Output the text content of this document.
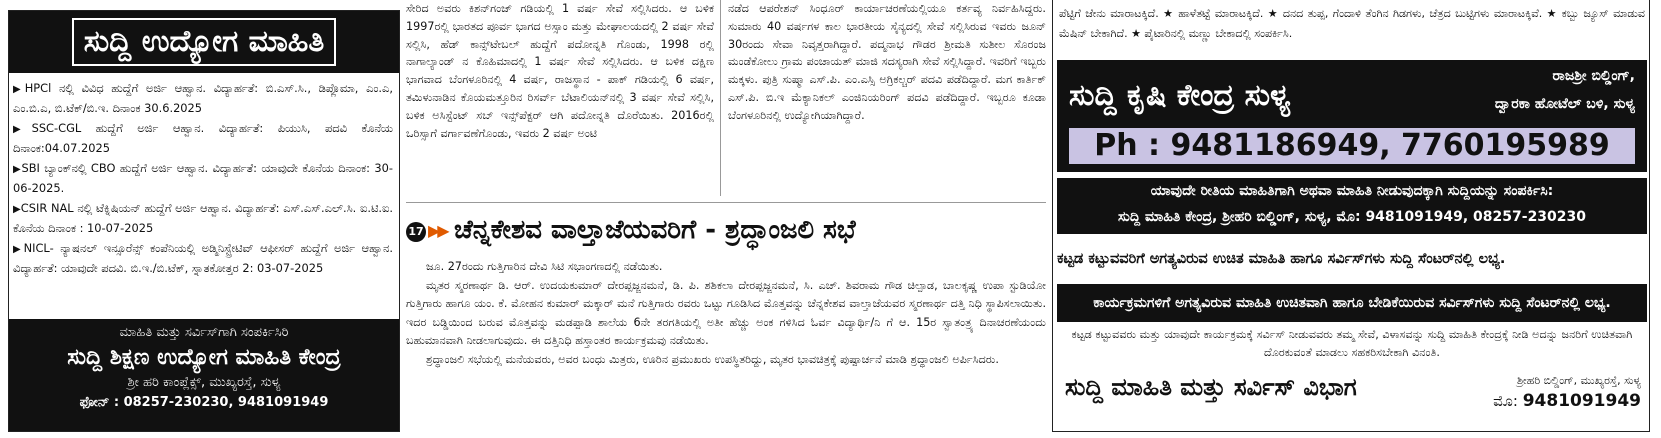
ಸುದ್ದಿ ಉದ್ಯೋಗ ಮಾಹಿತಿ
▶HPCl ನಲ್ಲಿ ವಿವಿಧ ಹುದ್ದೆಗೆ ಅರ್ಜಿ ಆಹ್ವಾನ. ವಿದ್ಯಾರ್ಹತೆ: ಬಿ.ಎಸ್.ಸಿ., ಡಿಪ್ಲೊಮಾ, ಎಂ.ಎ, ಎಂ.ಬಿ.ಎ, ಬಿ.ಟೆಕ್/ಬಿ.ಇ. ದಿನಾಂಕ 30.6.2025
▶SSC-CGL ಹುದ್ದೆಗೆ ಅರ್ಜಿ ಆಹ್ವಾನ. ವಿದ್ಯಾರ್ಹತೆ: ಪಿಯುಸಿ, ಪದವಿ ಕೊನೆಯ ದಿನಾಂಕ:04.07.2025
▶SBI ಬ್ಯಾಂಕ್‌ನಲ್ಲಿ CBO ಹುದ್ದೆಗೆ ಅರ್ಜಿ ಆಹ್ವಾನ. ವಿದ್ಯಾರ್ಹತೆ: ಯಾವುದೇ ಕೊನೆಯ ದಿನಾಂಕ: 30-06-2025.
▶CSIR NAL ನಲ್ಲಿ ಟೆಕ್ನಿಷಿಯನ್ ಹುದ್ದೆಗೆ ಅರ್ಜಿ ಆಹ್ವಾನ. ವಿದ್ಯಾರ್ಹತೆ: ಎಸ್.ಎಸ್.ಎಲ್.ಸಿ. ಐ.ಟಿ.ಐ. ಕೊನೆಯ ದಿನಾಂಕ : 10-07-2025
▶NICL- ನ್ಯಾಷನಲ್ ಇನ್ಸೂರೆನ್ಸ್ ಕಂಪೆನಿಯಲ್ಲಿ ಅಡ್ಮಿನಿಸ್ಟ್ರೇಟಿವ್ ಆಫೀಸರ್ ಹುದ್ದೆಗೆ ಅರ್ಜಿ ಆಹ್ವಾನ. ವಿದ್ಯಾರ್ಹತೆ: ಯಾವುದೇ ಪದವಿ. ಬಿ.ಇ./ಬಿ.ಟೆಕ್, ಸ್ನಾತಕೋತ್ತರ 2: 03-07-2025
ಮಾಹಿತಿ ಮತ್ತು ಸರ್ವಿಸ್‌ಗಾಗಿ ಸಂಪರ್ಕಿಸಿರಿ
ಸುದ್ದಿ ಶಿಕ್ಷಣ ಉದ್ಯೋಗ ಮಾಹಿತಿ ಕೇಂದ್ರ
ಶ್ರೀ ಹರಿ ಕಾಂಪ್ಲೆಕ್ಸ್, ಮುಖ್ಯರಸ್ತೆ, ಸುಳ್ಯ
ಫೋನ್ : 08257-230230, 9481091949
ಸೇರಿದ ಅವರು ಕಿಶನ್‌ಗಂಜ್ ಗಡಿಯಲ್ಲಿ 1 ವರ್ಷ ಸೇವೆ ಸಲ್ಲಿಸಿದರು. ಆ ಬಳಿಕ 1997ರಲ್ಲಿ ಭಾರತದ ಪೂರ್ವ ಭಾಗದ ಅಸ್ಸಾಂ ಮತ್ತು ಮೇಘಾಲಯದಲ್ಲಿ 2 ವರ್ಷ ಸೇವೆ ಸಲ್ಲಿಸಿ, ಹೆಡ್ ಕಾನ್ಸ್‌ಟೇಬಲ್ ಹುದ್ದೆಗೆ ಪದೋನ್ನತಿ ಗೊಂಡು, 1998 ರಲ್ಲಿ ನಾಗಾಲ್ಯಾಂಡ್ ನ ಕೊಹಿಮಾದಲ್ಲಿ 1 ವರ್ಷ ಸೇವೆ ಸಲ್ಲಿಸಿದರು. ಆ ಬಳಿಕ ದಕ್ಷಿಣ ಭಾಗವಾದ ಬೆಂಗಳೂರಿನಲ್ಲಿ 4 ವರ್ಷ, ರಾಜಸ್ಥಾನ - ಪಾಕ್ ಗಡಿಯಲ್ಲಿ 6 ವರ್ಷ, ತಮಿಳುನಾಡಿನ ಕೊಯಮತ್ತೂರಿನ ರಿಸರ್ವ್ ಬೆಟಾಲಿಯನ್‌ನಲ್ಲಿ 3 ವರ್ಷ ಸೇವೆ ಸಲ್ಲಿಸಿ, ಬಳಿಕ ಅಸಿಸ್ಟೆಂಟ್ ಸಬ್ ಇನ್ಸ್‌ಪೆಕ್ಟರ್ ಆಗಿ ಪದೋನ್ನತಿ ದೊರೆಯಿತು. 2016ರಲ್ಲಿ ಒರಿಸ್ಸಾಗೆ ವರ್ಗಾವಣೆಗೊಂಡು, ಇವರು 2 ವರ್ಷ ಅಂಟಿ
ನಡೆದ ಆಪರೇಶನ್ ಸಿಂಧೂರ್ ಕಾರ್ಯಾಚರಣೆಯಲ್ಲಿಯೂ ಕರ್ತವ್ಯ ನಿರ್ವಹಿಸಿದ್ದರು. ಸುಮಾರು 40 ವರ್ಷಗಳ ಕಾಲ ಭಾರತೀಯ ಸೈನ್ಯದಲ್ಲಿ ಸೇವೆ ಸಲ್ಲಿಸಿರುವ ಇವರು ಜೂನ್ 30ರಂದು ಸೇವಾ ನಿವೃತ್ತರಾಗಿದ್ದಾರೆ. ಪದ್ಮನಾಭ ಗೌಡರ ಶ್ರೀಮತಿ ಸುಶೀಲ ಸೊರಂಜ ಮಂಡೆಕೋಲು ಗ್ರಾಮ ಪಂಚಾಯತ್ ಮಾಜಿ ಸದಸ್ಯರಾಗಿ ಸೇವೆ ಸಲ್ಲಿಸಿದ್ದಾರೆ. ಇವರಿಗೆ ಇಬ್ಬರು ಮಕ್ಕಳು. ಪುತ್ರಿ ಸುಷ್ಮಾ ಎಸ್.ಪಿ. ಎಂ.ಎಸ್ಸಿ ಅಗ್ರಿಕಲ್ಚರ್ ಪದವಿ ಪಡೆದಿದ್ದಾರೆ. ಮಗ ಕಾರ್ತಿಕ್ ಎಸ್.ಪಿ. ಬಿ.ಇ ಮೆಕ್ಯಾನಿಕಲ್ ಎಂಜಿನಿಯರಿಂಗ್ ಪದವಿ ಪಡೆದಿದ್ದಾರೆ. ಇಬ್ಬರೂ ಕೂಡಾ ಬೆಂಗಳೂರಿನಲ್ಲಿ ಉದ್ಯೋಗಿಯಾಗಿದ್ದಾರೆ.
17 ▶▶ ಚೆನ್ನಕೇಶವ ವಾಲ್ತಾಜೆಯವರಿಗೆ - ಶ್ರದ್ಧಾಂಜಲಿ ಸಭೆ

ಜೂ. 27ರಂದು ಗುತ್ತಿಗಾರಿನ ದೇವಿ ಸಿಟಿ ಸಭಾಂಗಣದಲ್ಲಿ ನಡೆಯಿತು.

ಮೃತರ ಸ್ಮರಣಾರ್ಥ ಡಿ. ಆರ್. ಉದಯಕುಮಾರ್ ದೇರಪ್ಪಜ್ಜನಮನೆ, ಡಿ. ಪಿ. ಶಶಿಕಲಾ ದೇರಪ್ಪಜ್ಜನಮನೆ, ಸಿ. ಎಚ್. ಶಿವರಾಮ ಗೌಡ ಚಿಲ್ಪಾಡ, ಬಾಲಕೃಷ್ಣ ಉಪಾ ಸ್ಟುಡಿಯೋ ಗುತ್ತಿಗಾರು ಹಾಗೂ ಯಂ. ಕೆ. ಮೋಹನ ಕುಮಾರ್ ಮಕ್ಕಾರ್ ಮನೆ ಗುತ್ತಿಗಾರು ರವರು ಒಟ್ಟು ಗೂಡಿಸಿದ ಮೊತ್ತವನ್ನು ಚೆನ್ನಕೇಶವ ವಾಲ್ತಾಜೆಯವರ ಸ್ಮರಣಾರ್ಥ ದತ್ತಿ ನಿಧಿ ಸ್ಥಾಪಿಸಲಾಯಿತು. ಇದರ ಬಡ್ಡಿಯಿಂದ ಬರುವ ಮೊತ್ತವನ್ನು ಮಡಪ್ಪಾಡಿ ಶಾಲೆಯ 6ನೇ ತರಗತಿಯಲ್ಲಿ ಅತೀ ಹೆಚ್ಚು ಅಂಕ ಗಳಿಸಿದ ಓರ್ವ ವಿದ್ಯಾರ್ಥಿ/ನಿ ಗೆ ಆ. 15ರ ಸ್ವಾತಂತ್ರ್ಯ ದಿನಾಚರಣೆಯಂದು ಬಹುಮಾನವಾಗಿ ನೀಡಲಾಗುವುದು. ಈ ದತ್ತಿನಿಧಿ ಹಸ್ತಾಂತರ ಕಾರ್ಯಕ್ರಮವು ನಡೆಯಿತು.

ಶ್ರದ್ಧಾಂಜಲಿ ಸಭೆಯಲ್ಲಿ ಮನೆಯವರು, ಅವರ ಬಂಧು ಮಿತ್ರರು, ಊರಿನ ಪ್ರಮುಖರು ಉಪಸ್ಥಿತರಿದ್ದು, ಮೃತರ ಭಾವಚಿತ್ರಕ್ಕೆ ಪುಷ್ಪಾರ್ಚನೆ ಮಾಡಿ ಶ್ರದ್ಧಾಂಜಲಿ ಅರ್ಪಿಸಿದರು.

ಪೆಟ್ಟಿಗೆ ಜೇನು ಮಾರಾಟಕ್ಕಿದೆ. ★ ಹಾಳೆತಟ್ಟೆ ಮಾರಾಟಕ್ಕಿದೆ. ★ ದನದ ತುಪ್ಪ, ಗೆಂದಾಳಿ ತೆಂಗಿನ ಗಿಡಗಳು, ಚೆತ್ರದ ಬುಟ್ಟಿಗಳು ಮಾರಾಟಕ್ಕಿವೆ. ★ ಕಬ್ಬು ಜ್ಯೂಸ್ ಮಾಡುವ ಮೆಷಿನ್ ಬೇಕಾಗಿದೆ. ★ ಪೈಟಾರಿನಲ್ಲಿ ಮಣ್ಣು ಬೇಕಾದಲ್ಲಿ ಸಂಪರ್ಕಿಸಿ.
ಸುದ್ದಿ ಕೃಷಿ ಕೇಂದ್ರ ಸುಳ್ಯ
ರಾಜಶ್ರೀ ಬಿಲ್ಡಿಂಗ್,
ದ್ವಾರಕಾ ಹೋಟೆಲ್ ಬಳಿ, ಸುಳ್ಯ
Ph : 9481186949, 7760195989
ಯಾವುದೇ ರೀತಿಯ ಮಾಹಿತಿಗಾಗಿ ಅಥವಾ ಮಾಹಿತಿ ನೀಡುವುದಕ್ಕಾಗಿ ಸುದ್ದಿಯನ್ನು ಸಂಪರ್ಕಿಸಿ:
ಸುದ್ದಿ ಮಾಹಿತಿ ಕೇಂದ್ರ, ಶ್ರೀಹರಿ ಬಿಲ್ಡಿಂಗ್, ಸುಳ್ಯ, ಮೊ: 9481091949, 08257-230230
ಕಟ್ಟಡ ಕಟ್ಟುವವರಿಗೆ ಅಗತ್ಯವಿರುವ ಉಚಿತ ಮಾಹಿತಿ ಹಾಗೂ ಸರ್ವಿಸ್‌ಗಳು ಸುದ್ದಿ ಸೆಂಟರ್‌ನಲ್ಲಿ ಲಭ್ಯ.
ಕಾರ್ಯಕ್ರಮಗಳಿಗೆ ಅಗತ್ಯವಿರುವ ಮಾಹಿತಿ ಉಚಿತವಾಗಿ ಹಾಗೂ ಬೇಡಿಕೆಯಿರುವ ಸರ್ವಿಸ್‌ಗಳು ಸುದ್ದಿ ಸೆಂಟರ್‌ನಲ್ಲಿ ಲಭ್ಯ.
ಕಟ್ಟಡ ಕಟ್ಟುವವರು ಮತ್ತು ಯಾವುದೇ ಕಾರ್ಯಕ್ರಮಕ್ಕೆ ಸರ್ವಿಸ್ ನೀಡುವವರು ತಮ್ಮ ಸೇವೆ, ವಿಳಾಸವನ್ನು ಸುದ್ದಿ ಮಾಹಿತಿ ಕೇಂದ್ರಕ್ಕೆ ನೀಡಿ ಅದನ್ನು ಜನರಿಗೆ ಉಚಿತವಾಗಿ ದೊರಕುವಂತೆ ಮಾಡಲು ಸಹಕರಿಸಬೇಕಾಗಿ ವಿನಂತಿ.
ಸುದ್ದಿ ಮಾಹಿತಿ ಮತ್ತು ಸರ್ವಿಸ್ ವಿಭಾಗ	ಶ್ರೀಹರಿ ಬಿಲ್ಡಿಂಗ್, ಮುಖ್ಯರಸ್ತೆ, ಸುಳ್ಯ
ಮೊ: 9481091949
